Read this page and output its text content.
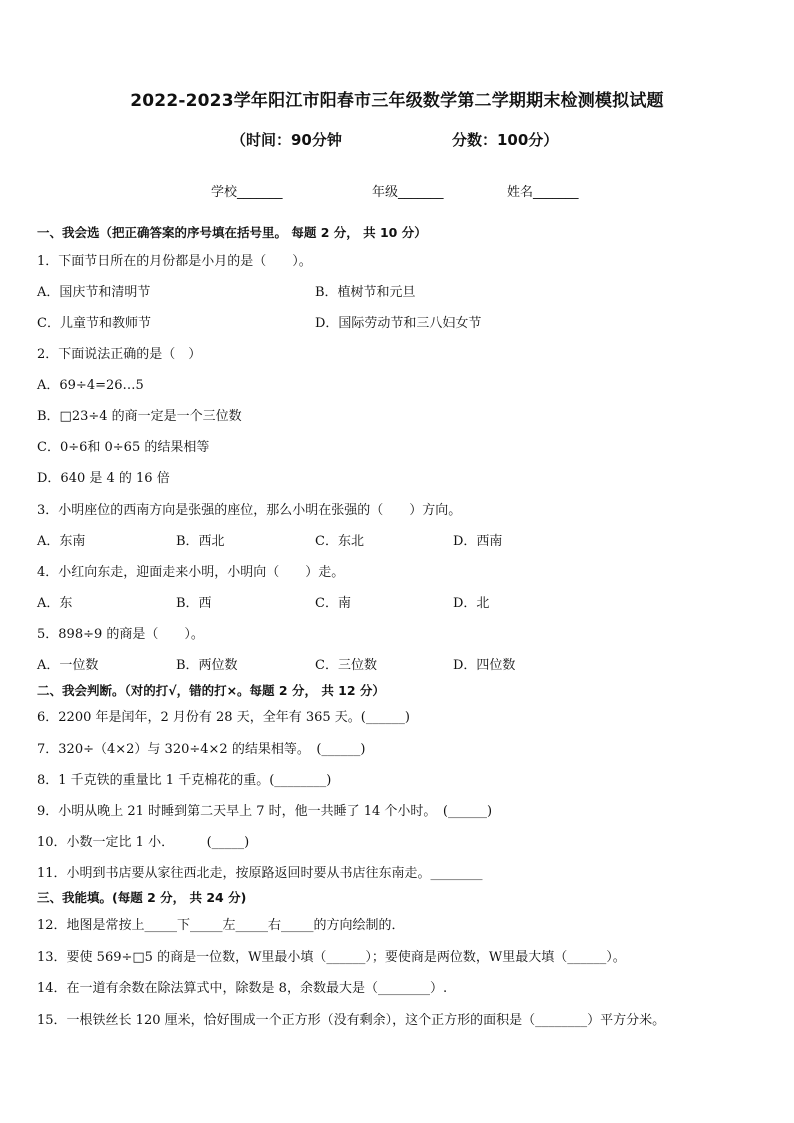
2022-2023学年阳江市阳春市三年级数学第二学期期末检测模拟试题
（时间：90分钟	分数：100分）
学校_______	年级_______	姓名_______
一、我会选（把正确答案的序号填在括号里。 每题 2 分， 共 10 分）
1．下面节日所在的月份都是小月的是（　　）。
A．国庆节和清明节	B．植树节和元旦
C．儿童节和教师节	D．国际劳动节和三八妇女节
2．下面说法正确的是（　）
A．69÷4=26…5
B．□23÷4 的商一定是一个三位数
C．0÷6和 0÷65 的结果相等
D．640 是 4 的 16 倍
3．小明座位的西南方向是张强的座位，那么小明在张强的（　　）方向。
A．东南	B．西北	C．东北	D．西南
4．小红向东走，迎面走来小明，小明向（　　）走。
A．东	B．西	C．南	D．北
5．898÷9 的商是（　　）。
A．一位数	B．两位数	C．三位数	D．四位数
二、我会判断。（对的打√，错的打×。每题 2 分， 共 12 分）
6．2200 年是闰年，2 月份有 28 天，全年有 365 天。(______)
7．320÷（4×2）与 320÷4×2 的结果相等。　(______)
8．1 千克铁的重量比 1 千克棉花的重。(________)
9．小明从晚上 21 时睡到第二天早上 7 时，他一共睡了 14 个小时。　(______)
10．小数一定比 1 小．　　　(_____)
11．小明到书店要从家往西北走，按原路返回时要从书店往东南走。________
三、我能填。(每题 2 分， 共 24 分)
12．地图是常按上_____下_____左_____右_____的方向绘制的．
13．要使 569÷□5 的商是一位数，W里最小填（______）；要使商是两位数，W里最大填（______）。
14．在一道有余数在除法算式中，除数是 8，余数最大是（________）.
15．一根铁丝长 120 厘米，恰好围成一个正方形（没有剩余），这个正方形的面积是（________）平方分米。
